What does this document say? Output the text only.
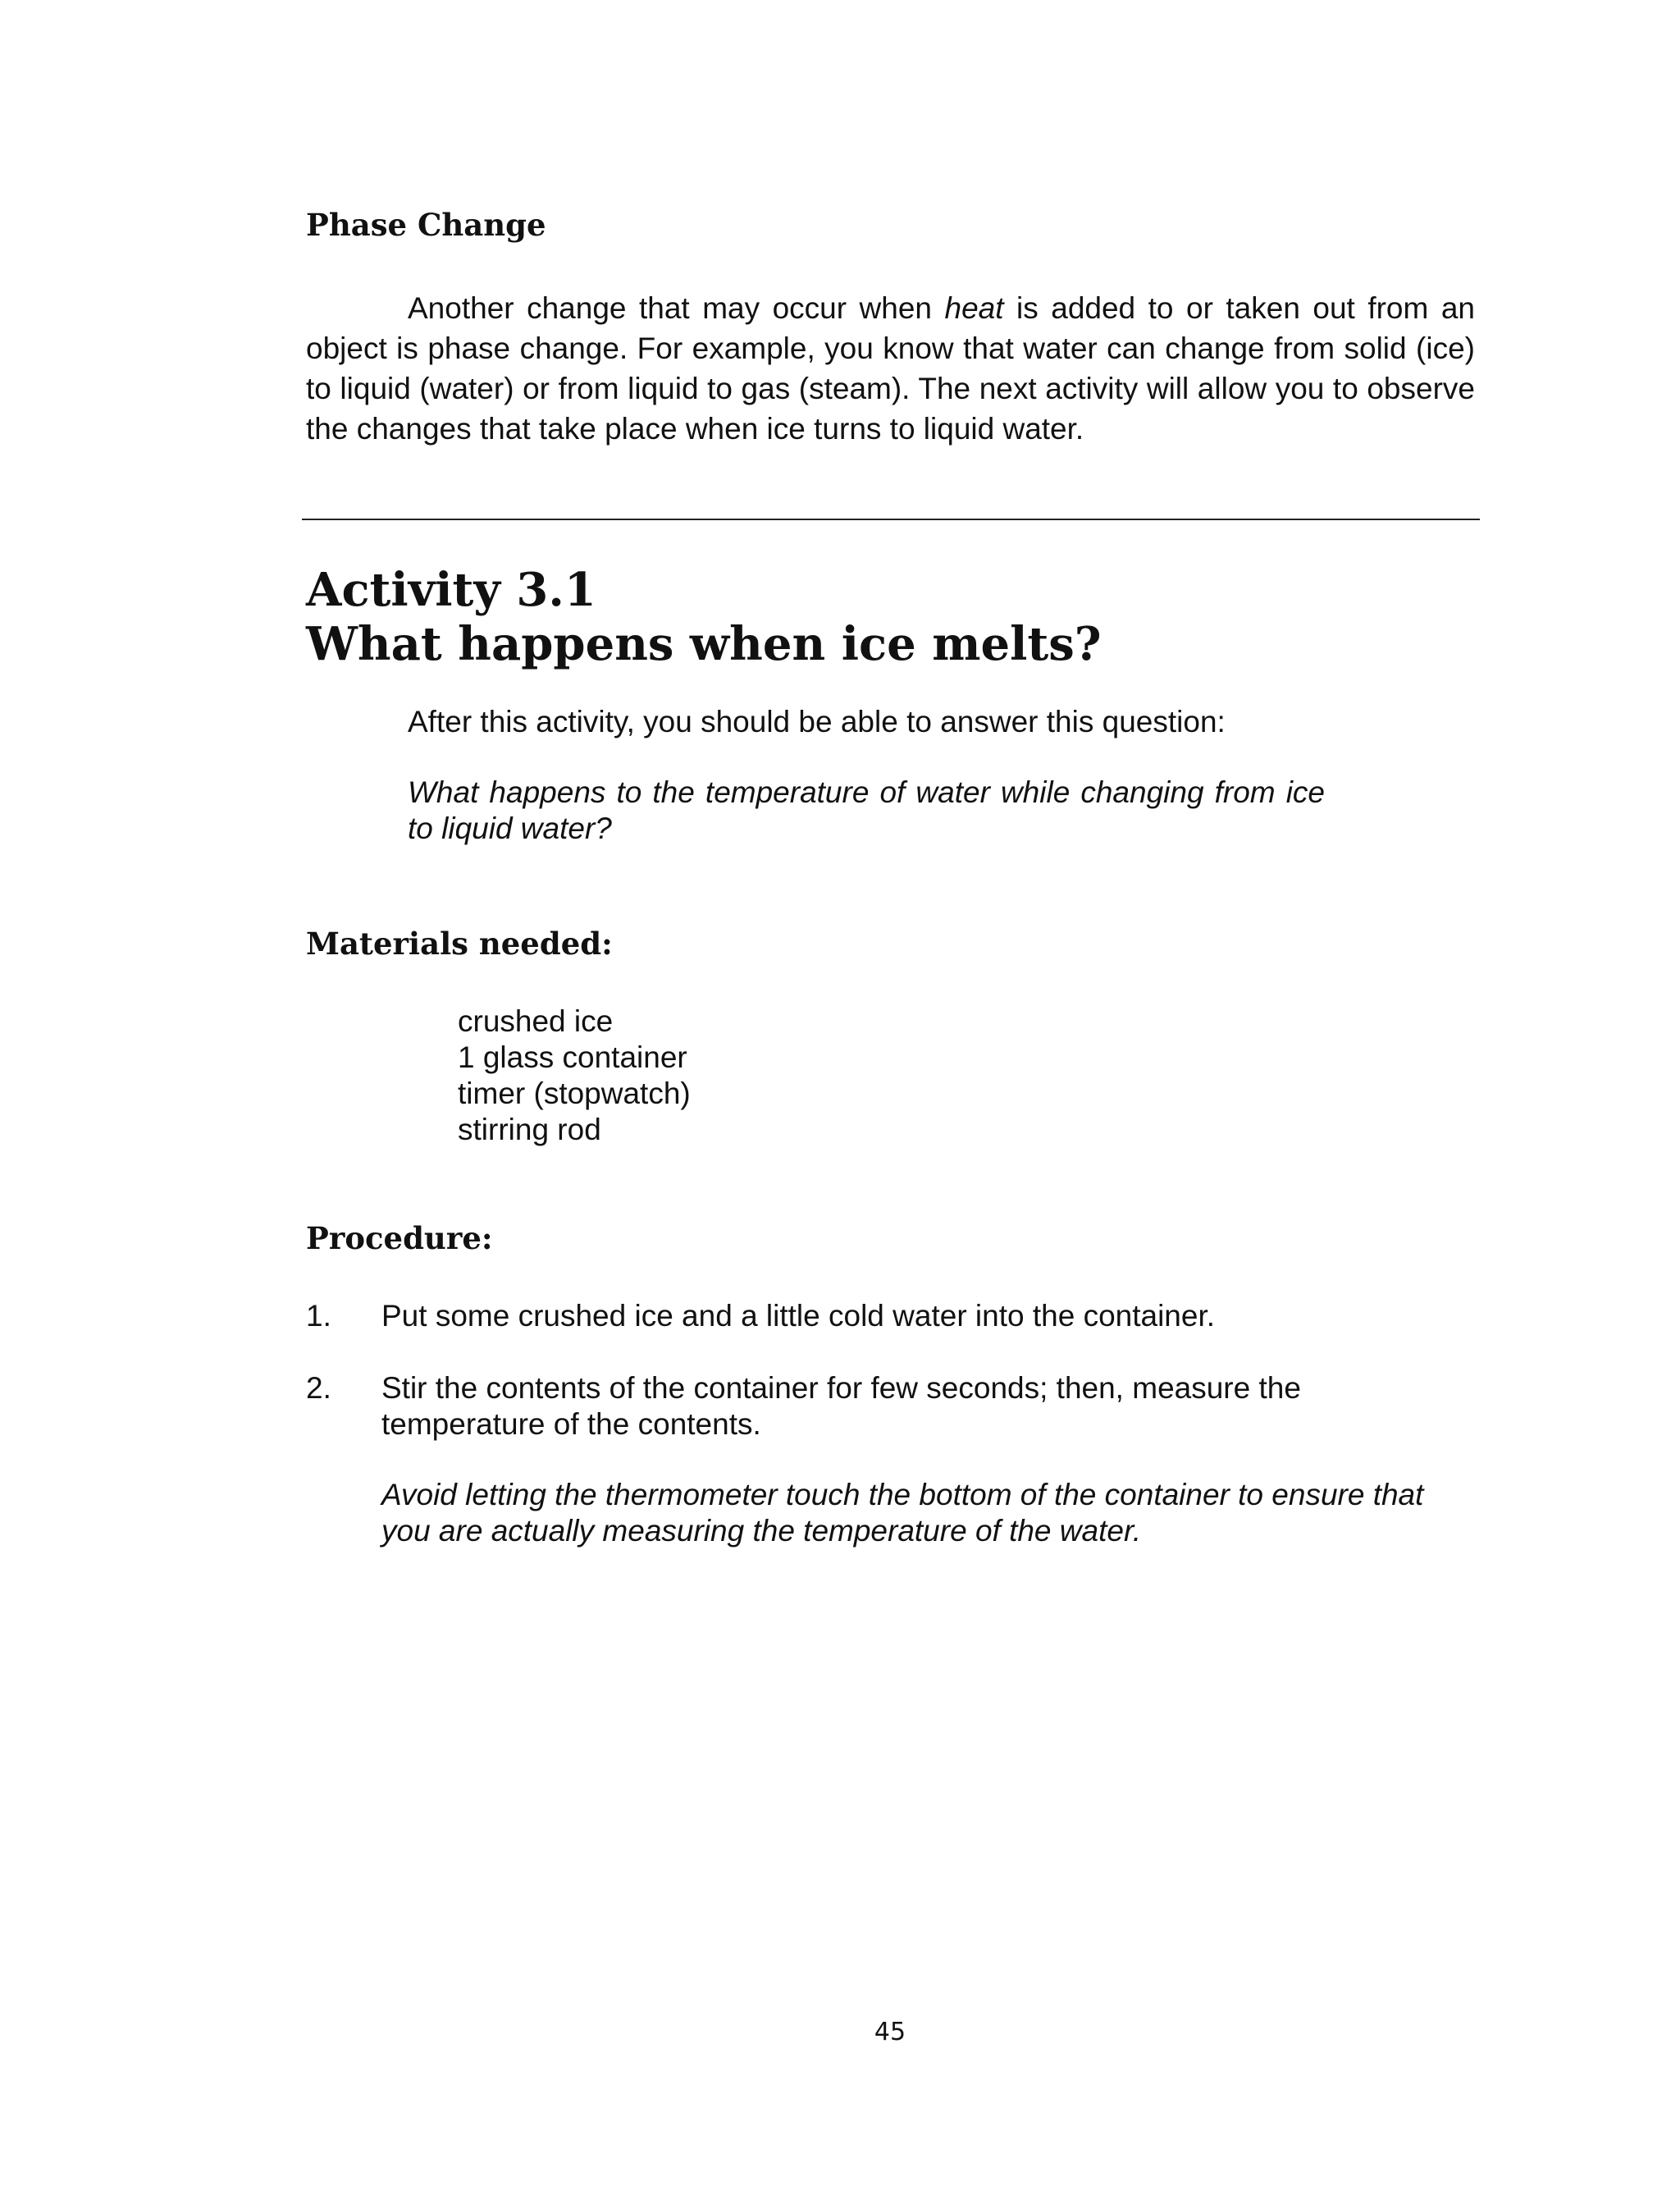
Phase Change

Another change that may occur when heat is added to or taken out from an object is phase change. For example, you know that water can change from solid (ice) to liquid (water) or from liquid to gas (steam). The next activity will allow you to observe the changes that take place when ice turns to liquid water.

Activity 3.1
What happens when ice melts?

After this activity, you should be able to answer this question:

What happens to the temperature of water while changing from ice to liquid water?

Materials needed:
crushed ice
1 glass container
timer (stopwatch)
stirring rod
Procedure:
1. Put some crushed ice and a little cold water into the container.
2. Stir the contents of the container for few seconds; then, measure the temperature of the contents.

Avoid letting the thermometer touch the bottom of the container to ensure that you are actually measuring the temperature of the water.

45
